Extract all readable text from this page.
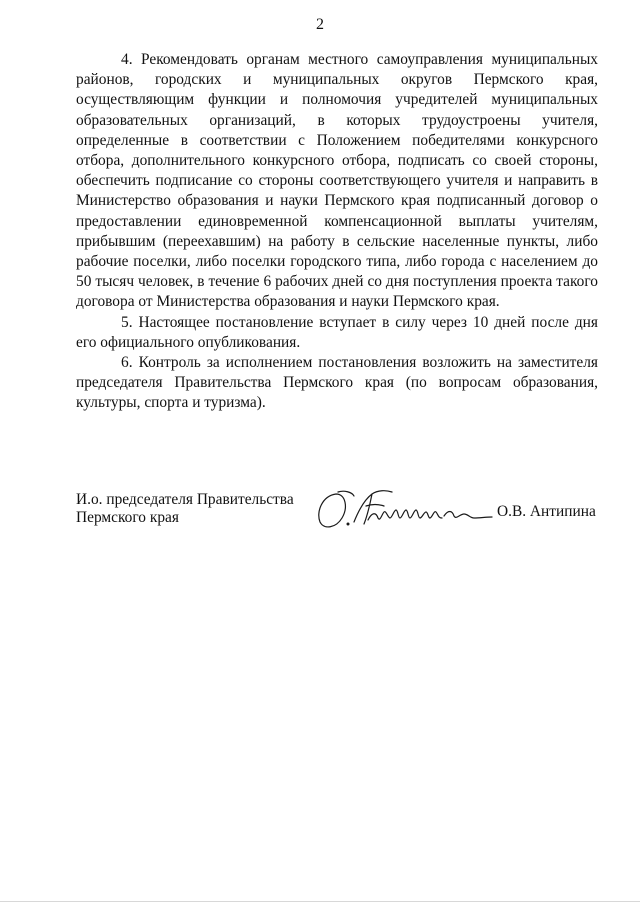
2

4. Рекомендовать органам местного самоуправления муниципальных районов, городских и муниципальных округов Пермского края, осуществляющим функции и полномочия учредителей муниципальных образовательных организаций, в которых трудоустроены учителя, определенные в соответствии с Положением победителями конкурсного отбора, дополнительного конкурсного отбора, подписать со своей стороны, обеспечить подписание со стороны соответствующего учителя и направить в Министерство образования и науки Пермского края подписанный договор о предоставлении единовременной компенсационной выплаты учителям, прибывшим (переехавшим) на работу в сельские населенные пункты, либо рабочие поселки, либо поселки городского типа, либо города с населением до 50 тысяч человек, в течение 6 рабочих дней со дня поступления проекта такого договора от Министерства образования и науки Пермского края.

5. Настоящее постановление вступает в силу через 10 дней после дня его официального опубликования.

6. Контроль за исполнением постановления возложить на заместителя председателя Правительства Пермского края (по вопросам образования, культуры, спорта и туризма).

И.о. председателя Правительства
Пермского края	О.В. Антипина
